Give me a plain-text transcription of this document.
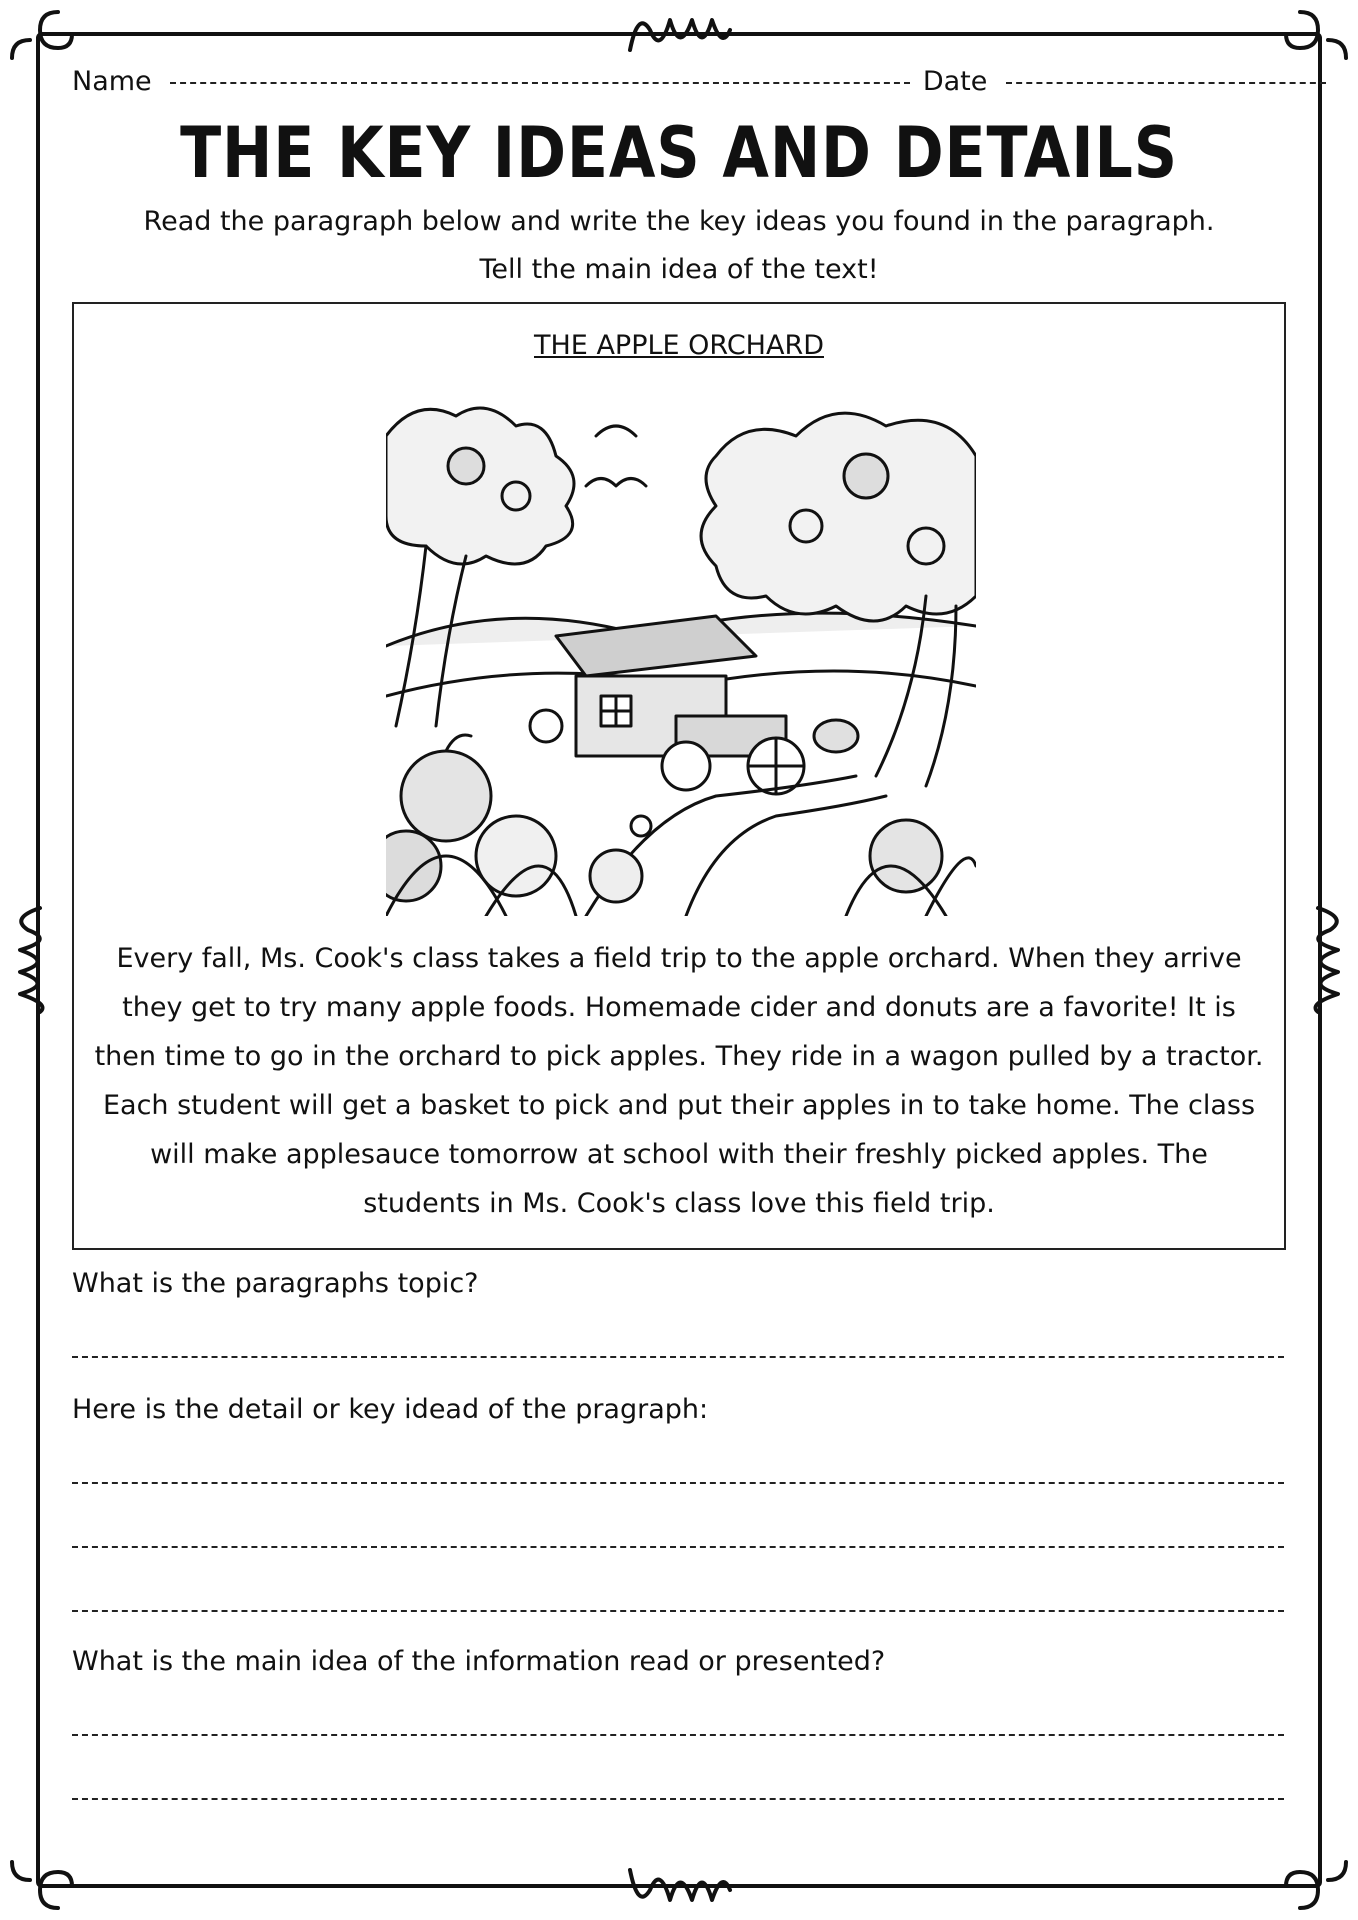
Name	Date
THE KEY IDEAS AND DETAILS
Read the paragraph below and write the key ideas you found in the paragraph.
Tell the main idea of the text!
THE APPLE ORCHARD
Every fall, Ms. Cook's class takes a field trip to the apple orchard. When they arrive they get to try many apple foods. Homemade cider and donuts are a favorite! It is then time to go in the orchard to pick apples. They ride in a wagon pulled by a tractor. Each student will get a basket to pick and put their apples in to take home. The class will make applesauce tomorrow at school with their freshly picked apples. The students in Ms. Cook's class love this field trip.
What is the paragraphs topic?
Here is the detail or key idead of the pragraph:
What is the main idea of the information read or presented?
